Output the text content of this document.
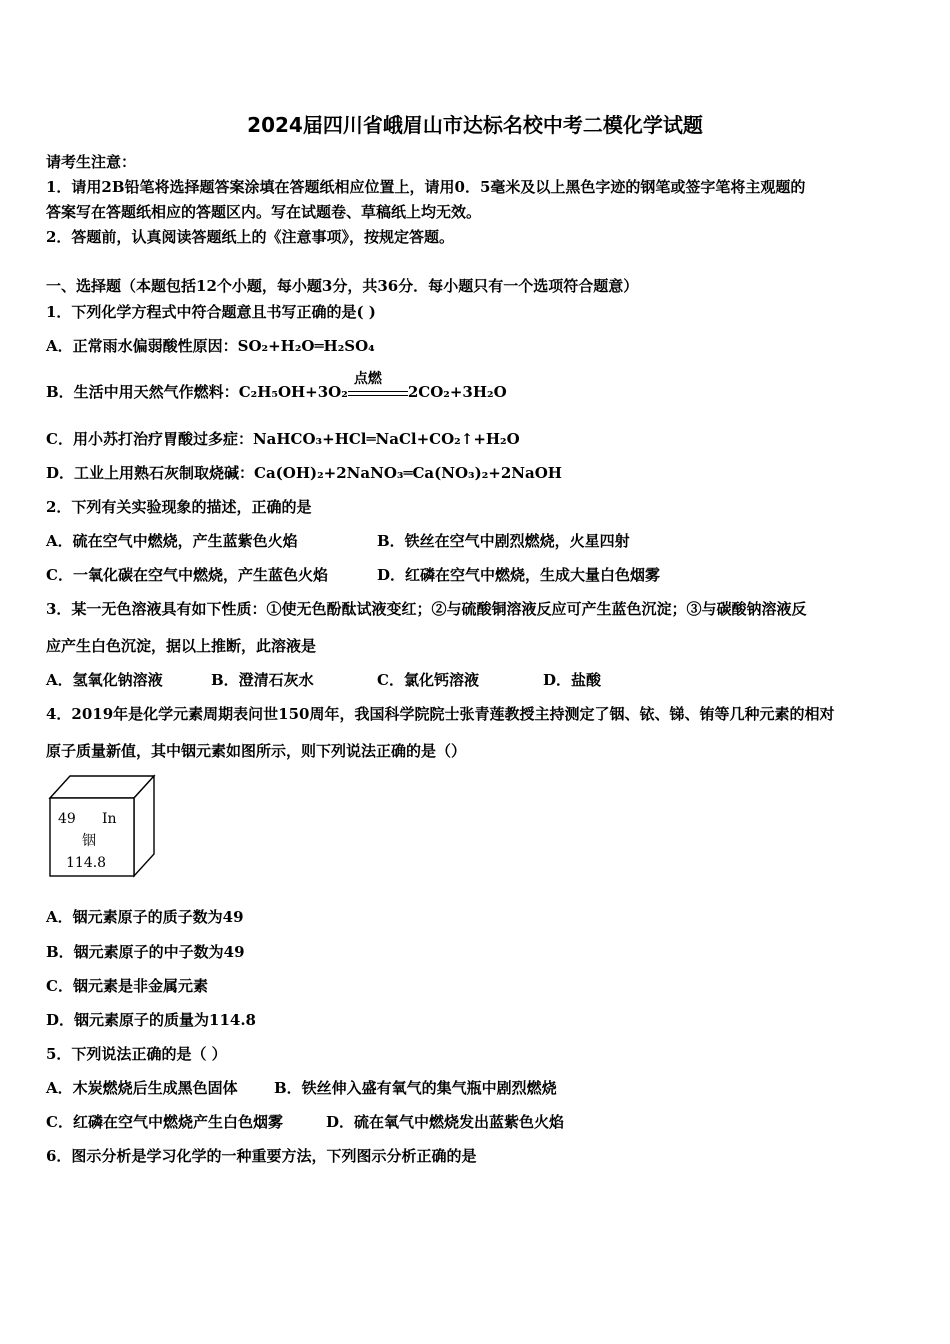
2024届四川省峨眉山市达标名校中考二模化学试题
请考生注意：
1．请用2B铅笔将选择题答案涂填在答题纸相应位置上，请用0．5毫米及以上黑色字迹的钢笔或签字笔将主观题的
答案写在答题纸相应的答题区内。写在试题卷、草稿纸上均无效。
2．答题前，认真阅读答题纸上的《注意事项》，按规定答题。
一、选择题（本题包括12个小题，每小题3分，共36分．每小题只有一个选项符合题意）
1．下列化学方程式中符合题意且书写正确的是( )
A．正常雨水偏弱酸性原因：SO₂+H₂O═H₂SO₄
B．生活中用天然气作燃料：C₂H₅OH+3O₂
点燃
2CO₂+3H₂O
C．用小苏打治疗胃酸过多症：NaHCO₃+HCl═NaCl+CO₂↑+H₂O
D．工业上用熟石灰制取烧碱：Ca(OH)₂+2NaNO₃═Ca(NO₃)₂+2NaOH
2．下列有关实验现象的描述，正确的是
A．硫在空气中燃烧，产生蓝紫色火焰	B．铁丝在空气中剧烈燃烧，火星四射
C．一氧化碳在空气中燃烧，产生蓝色火焰	D．红磷在空气中燃烧，生成大量白色烟雾
3．某一无色溶液具有如下性质：①使无色酚酞试液变红；②与硫酸铜溶液反应可产生蓝色沉淀；③与碳酸钠溶液反
应产生白色沉淀，据以上推断，此溶液是
A．氢氧化钠溶液	B．澄清石灰水	C．氯化钙溶液	D．盐酸
4．2019年是化学元素周期表问世150周年，我国科学院院士张青莲教授主持测定了铟、铱、锑、铕等几种元素的相对
原子质量新值，其中铟元素如图所示，则下列说法正确的是（）
49 In
铟
114.8
A．铟元素原子的质子数为49
B．铟元素原子的中子数为49
C．铟元素是非金属元素
D．铟元素原子的质量为114.8
5．下列说法正确的是（ ）
A．木炭燃烧后生成黑色固体 B．铁丝伸入盛有氧气的集气瓶中剧烈燃烧
C．红磷在空气中燃烧产生白色烟雾	D．硫在氧气中燃烧发出蓝紫色火焰
6．图示分析是学习化学的一种重要方法，下列图示分析正确的是
